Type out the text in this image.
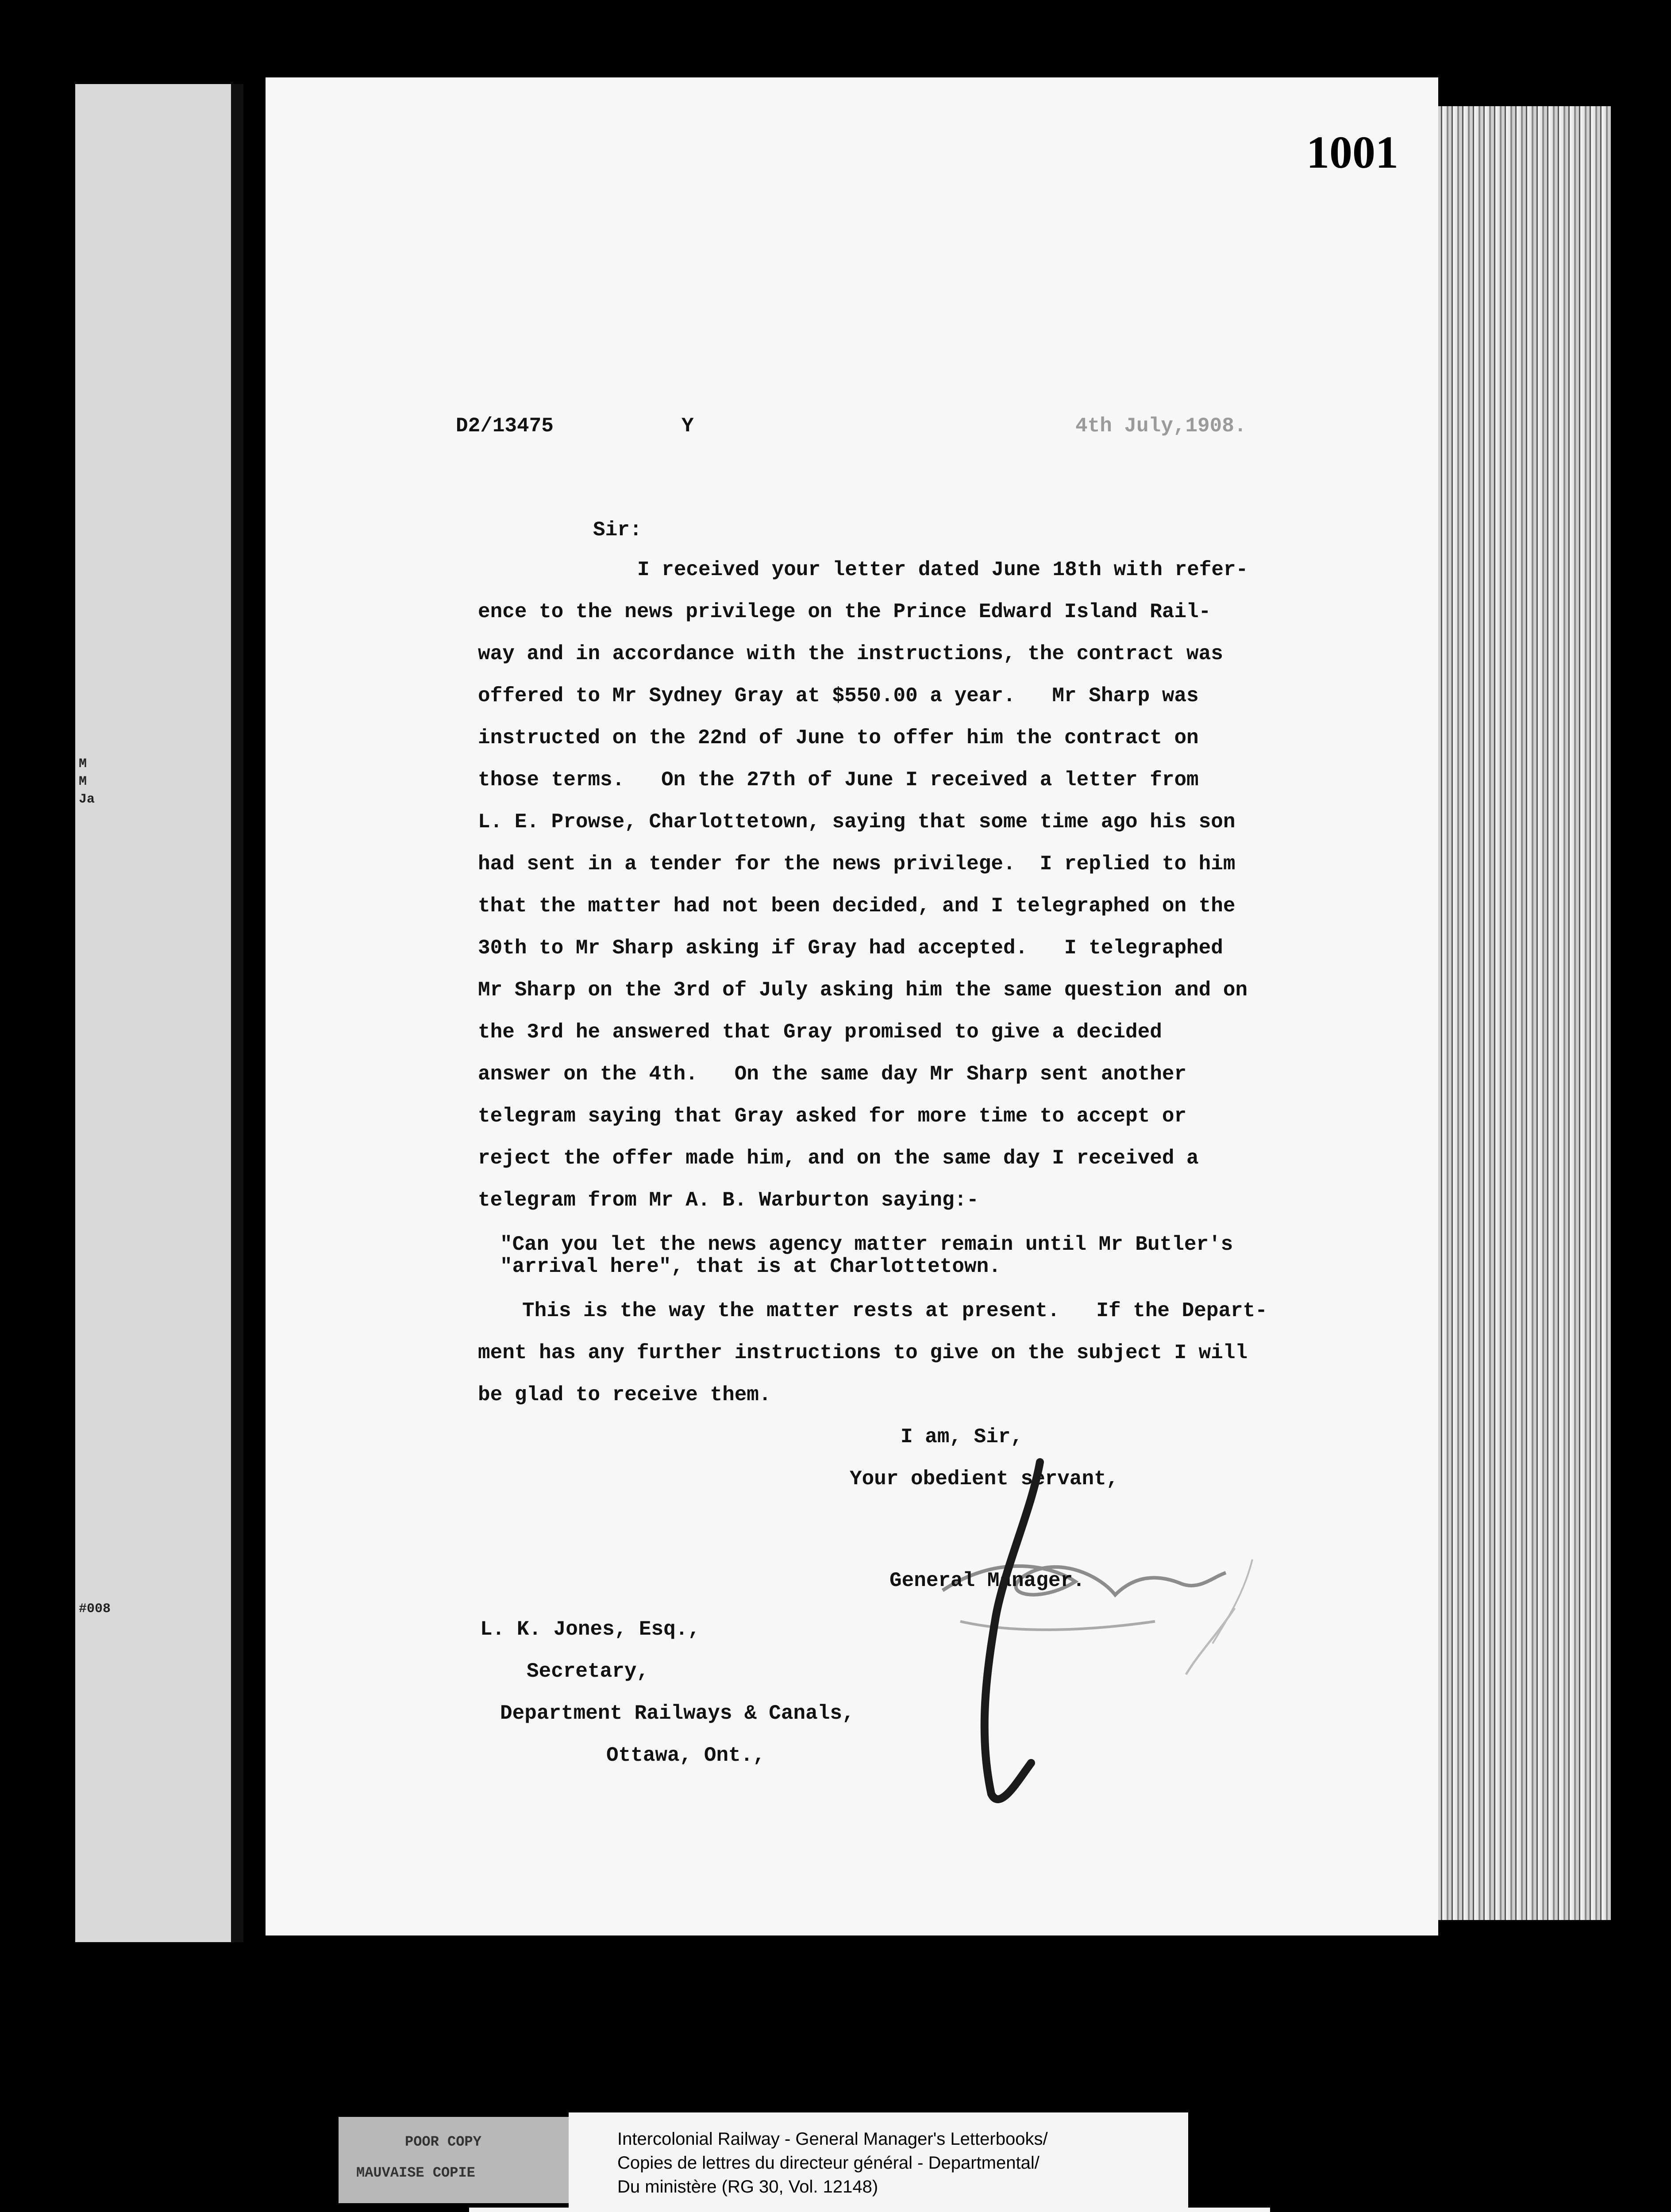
M
M
Ja
#008
1001
D2/13475	Y	4th July,1908.
Sir:
I received your letter dated June 18th with refer-
ence to the news privilege on the Prince Edward Island Rail-
way and in accordance with the instructions, the contract was
offered to Mr Sydney Gray at $550.00 a year.   Mr Sharp was
instructed on the 22nd of June to offer him the contract on
those terms.   On the 27th of June I received a letter from
L. E. Prowse, Charlottetown, saying that some time ago his son
had sent in a tender for the news privilege.  I replied to him
that the matter had not been decided, and I telegraphed on the
30th to Mr Sharp asking if Gray had accepted.   I telegraphed
Mr Sharp on the 3rd of July asking him the same question and on
the 3rd he answered that Gray promised to give a decided
answer on the 4th.   On the same day Mr Sharp sent another
telegram saying that Gray asked for more time to accept or
reject the offer made him, and on the same day I received a
telegram from Mr A. B. Warburton saying:-
"Can you let the news agency matter remain until Mr Butler's
"arrival here", that is at Charlottetown.
This is the way the matter rests at present.   If the Depart-
ment has any further instructions to give on the subject I will
be glad to receive them.
I am, Sir,
Your obedient servant,
General Manager.
L. K. Jones, Esq.,
Secretary,
Department Railways & Canals,
Ottawa, Ont.,
POOR COPY
MAUVAISE COPIE
Intercolonial Railway - General Manager's Letterbooks/
Copies de lettres du directeur général - Departmental/
Du ministère (RG 30, Vol. 12148)
